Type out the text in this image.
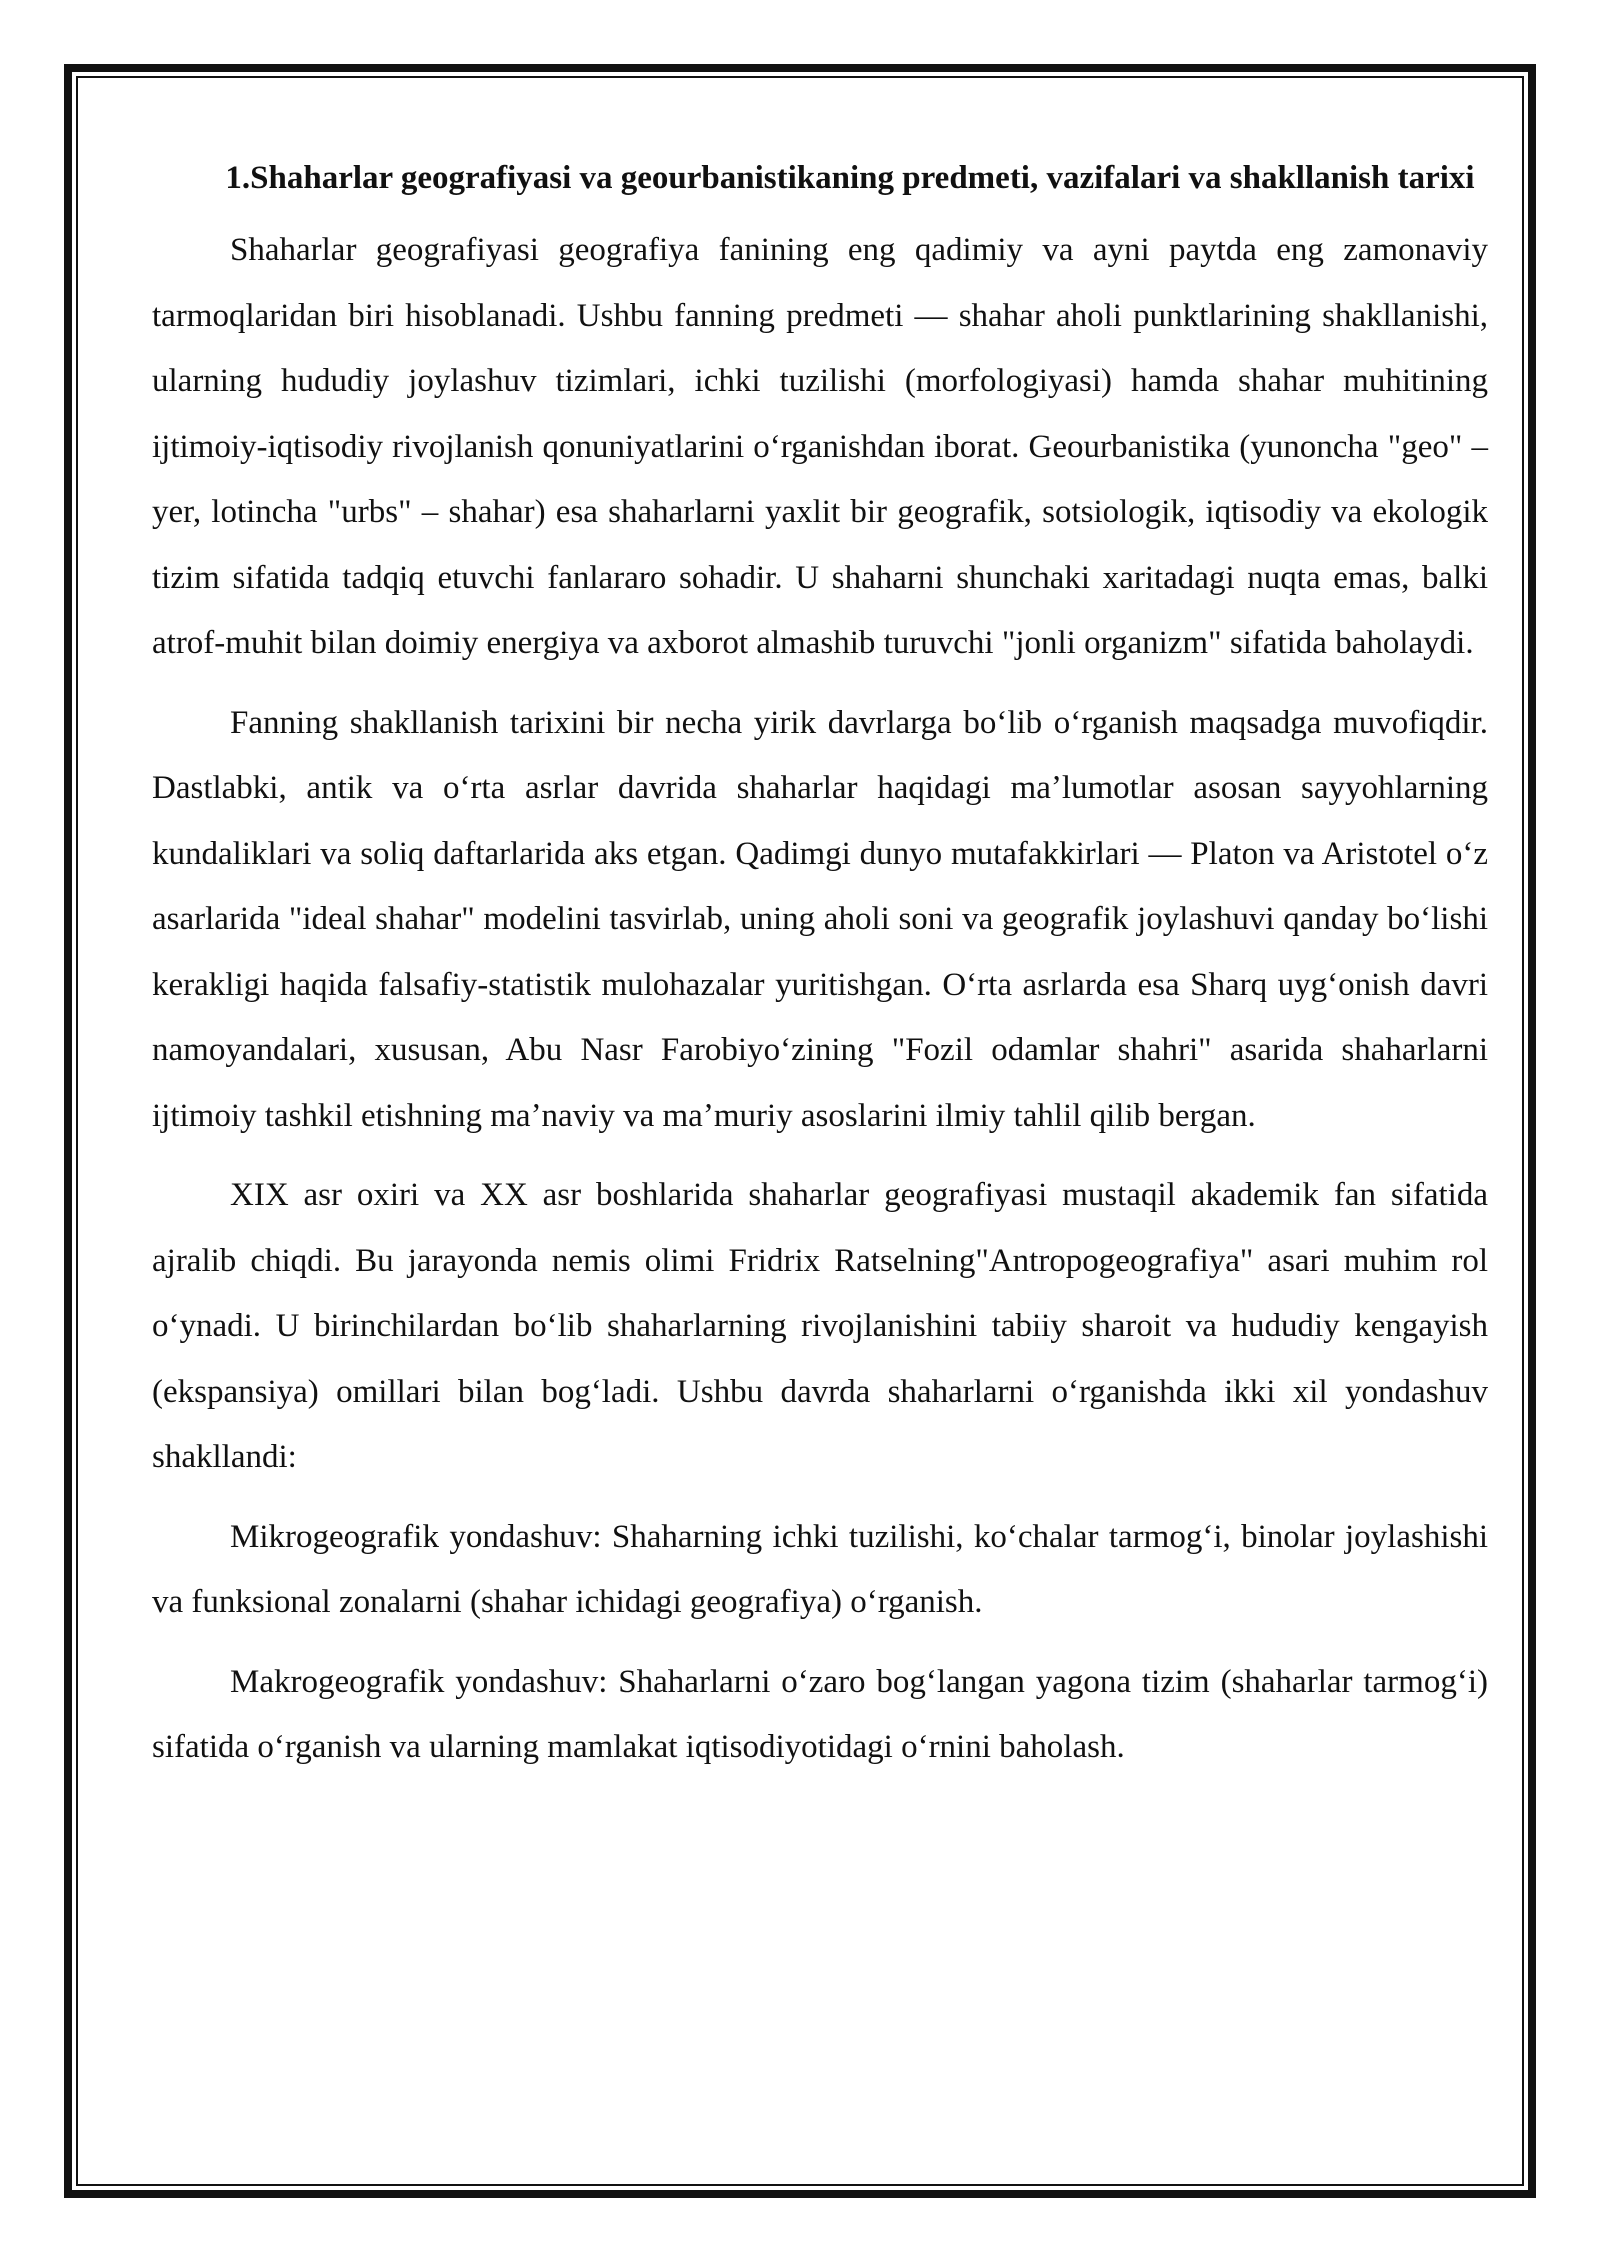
1.Shaharlar geografiyasi va geourbanistikaning predmeti, vazifalari va shakllanish tarixi

Shaharlar geografiyasi geografiya fanining eng qadimiy va ayni paytda eng zamonaviy tarmoqlaridan biri hisoblanadi. Ushbu fanning predmeti — shahar aholi punktlarining shakllanishi, ularning hududiy joylashuv tizimlari, ichki tuzilishi (morfologiyasi) hamda shahar muhitining ijtimoiy-iqtisodiy rivojlanish qonuniyatlarini oʻrganishdan iborat. Geourbanistika (yunoncha "geo" – yer, lotincha "urbs" – shahar) esa shaharlarni yaxlit bir geografik, sotsiologik, iqtisodiy va ekologik tizim sifatida tadqiq etuvchi fanlararo sohadir. U shaharni shunchaki xaritadagi nuqta emas, balki atrof-muhit bilan doimiy energiya va axborot almashib turuvchi "jonli organizm" sifatida baholaydi.

Fanning shakllanish tarixini bir necha yirik davrlarga boʻlib oʻrganish maqsadga muvofiqdir. Dastlabki, antik va oʻrta asrlar davrida shaharlar haqidagi maʼlumotlar asosan sayyohlarning kundaliklari va soliq daftarlarida aks etgan. Qadimgi dunyo mutafakkirlari — Platon va Aristotel oʻz asarlarida "ideal shahar" modelini tasvirlab, uning aholi soni va geografik joylashuvi qanday boʻlishi kerakligi haqida falsafiy-statistik mulohazalar yuritishgan. Oʻrta asrlarda esa Sharq uygʻonish davri namoyandalari, xususan, Abu Nasr Farobiyoʻzining "Fozil odamlar shahri" asarida shaharlarni ijtimoiy tashkil etishning maʼnaviy va maʼmuriy asoslarini ilmiy tahlil qilib bergan.

XIX asr oxiri va XX asr boshlarida shaharlar geografiyasi mustaqil akademik fan sifatida ajralib chiqdi. Bu jarayonda nemis olimi Fridrix Ratselning"Antropogeografiya" asari muhim rol oʻynadi. U birinchilardan boʻlib shaharlarning rivojlanishini tabiiy sharoit va hududiy kengayish (ekspansiya) omillari bilan bogʻladi. Ushbu davrda shaharlarni oʻrganishda ikki xil yondashuv shakllandi:

Mikrogeografik yondashuv: Shaharning ichki tuzilishi, koʻchalar tarmogʻi, binolar joylashishi va funksional zonalarni (shahar ichidagi geografiya) oʻrganish.

Makrogeografik yondashuv: Shaharlarni oʻzaro bogʻlangan yagona tizim (shaharlar tarmogʻi) sifatida oʻrganish va ularning mamlakat iqtisodiyotidagi oʻrnini baholash.
